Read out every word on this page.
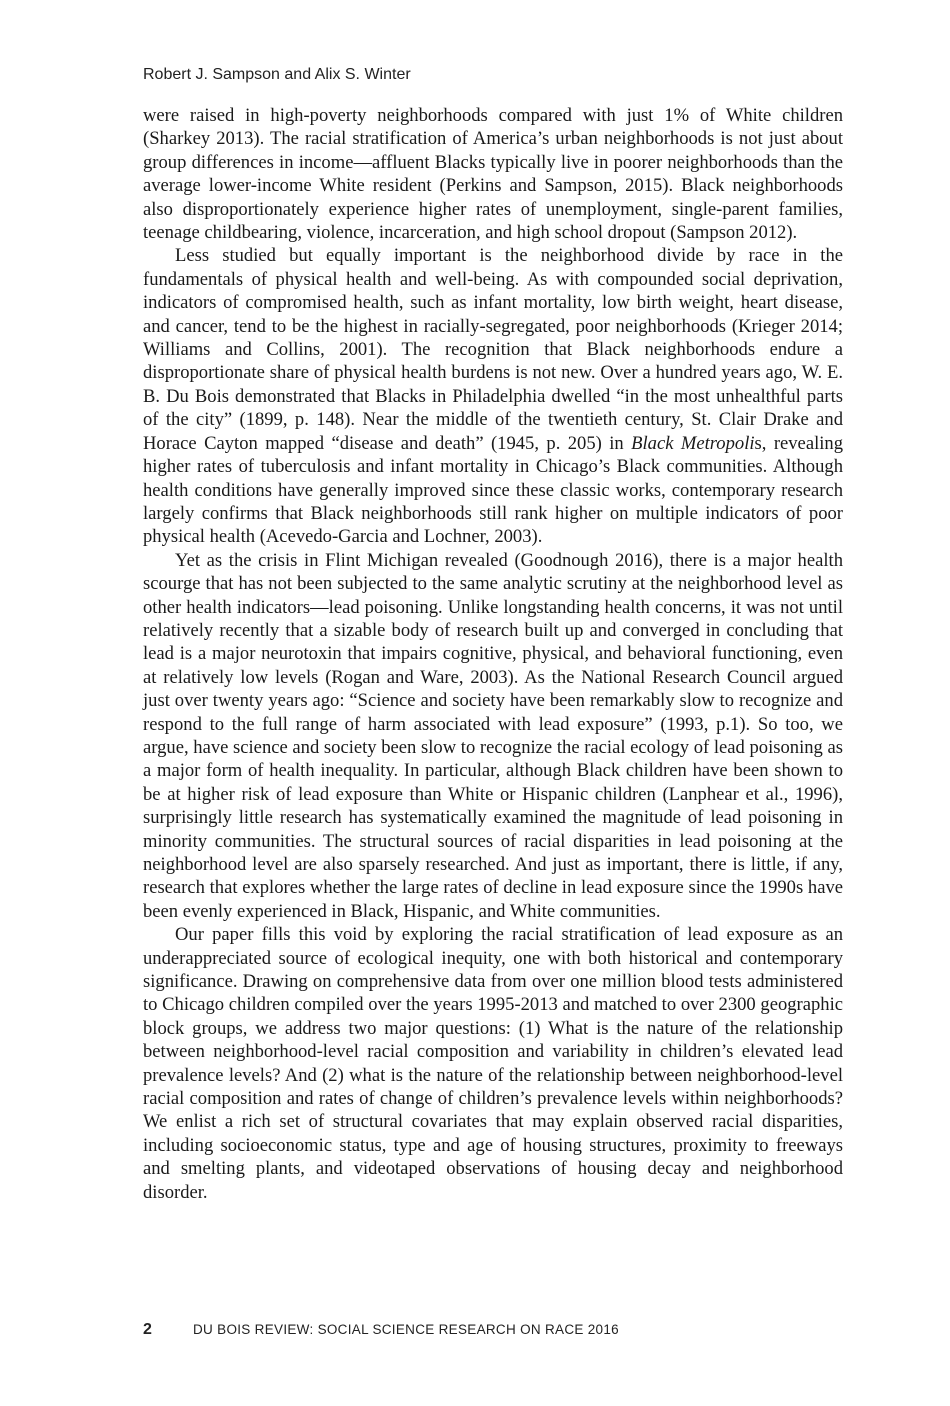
Robert J. Sampson and Alix S. Winter

were raised in high-poverty neighborhoods compared with just 1% of White children (Sharkey 2013). The racial stratification of America’s urban neighborhoods is not just about group differences in income—affluent Blacks typically live in poorer neighborhoods than the average lower-income White resident (Perkins and Sampson, 2015). Black neighborhoods also disproportionately experience higher rates of unemployment, single-parent families, teenage childbearing, violence, incarceration, and high school dropout (Sampson 2012).

Less studied but equally important is the neighborhood divide by race in the fundamentals of physical health and well-being. As with compounded social deprivation, indicators of compromised health, such as infant mortality, low birth weight, heart disease, and cancer, tend to be the highest in racially-segregated, poor neighborhoods (Krieger 2014; Williams and Collins, 2001). The recognition that Black neighborhoods endure a disproportionate share of physical health burdens is not new. Over a hundred years ago, W. E. B. Du Bois demonstrated that Blacks in Philadelphia dwelled “in the most unhealthful parts of the city” (1899, p. 148). Near the middle of the twentieth century, St. Clair Drake and Horace Cayton mapped “disease and death” (1945, p. 205) in Black Metropolis, revealing higher rates of tuberculosis and infant mortality in Chicago’s Black communities. Although health conditions have generally improved since these classic works, contemporary research largely confirms that Black neighborhoods still rank higher on multiple indicators of poor physical health (Acevedo-Garcia and Lochner, 2003).

Yet as the crisis in Flint Michigan revealed (Goodnough 2016), there is a major health scourge that has not been subjected to the same analytic scrutiny at the neighborhood level as other health indicators—lead poisoning. Unlike longstanding health concerns, it was not until relatively recently that a sizable body of research built up and converged in concluding that lead is a major neurotoxin that impairs cognitive, physical, and behavioral functioning, even at relatively low levels (Rogan and Ware, 2003). As the National Research Council argued just over twenty years ago: “Science and society have been remarkably slow to recognize and respond to the full range of harm associated with lead exposure” (1993, p.1). So too, we argue, have science and society been slow to recognize the racial ecology of lead poisoning as a major form of health inequality. In particular, although Black children have been shown to be at higher risk of lead exposure than White or Hispanic children (Lanphear et al., 1996), surprisingly little research has systematically examined the magnitude of lead poisoning in minority communities. The structural sources of racial disparities in lead poisoning at the neighborhood level are also sparsely researched. And just as important, there is little, if any, research that explores whether the large rates of decline in lead exposure since the 1990s have been evenly experienced in Black, Hispanic, and White communities.

Our paper fills this void by exploring the racial stratification of lead exposure as an underappreciated source of ecological inequity, one with both historical and contemporary significance. Drawing on comprehensive data from over one million blood tests administered to Chicago children compiled over the years 1995-2013 and matched to over 2300 geographic block groups, we address two major questions: (1) What is the nature of the relationship between neighborhood-level racial composition and variability in children’s elevated lead prevalence levels? And (2) what is the nature of the relationship between neighborhood-level racial composition and rates of change of children’s prevalence levels within neighborhoods? We enlist a rich set of structural covariates that may explain observed racial disparities, including socioeconomic status, type and age of housing structures, proximity to freeways and smelting plants, and videotaped observations of housing decay and neighborhood disorder.

2	DU BOIS REVIEW: SOCIAL SCIENCE RESEARCH ON RACE 2016
